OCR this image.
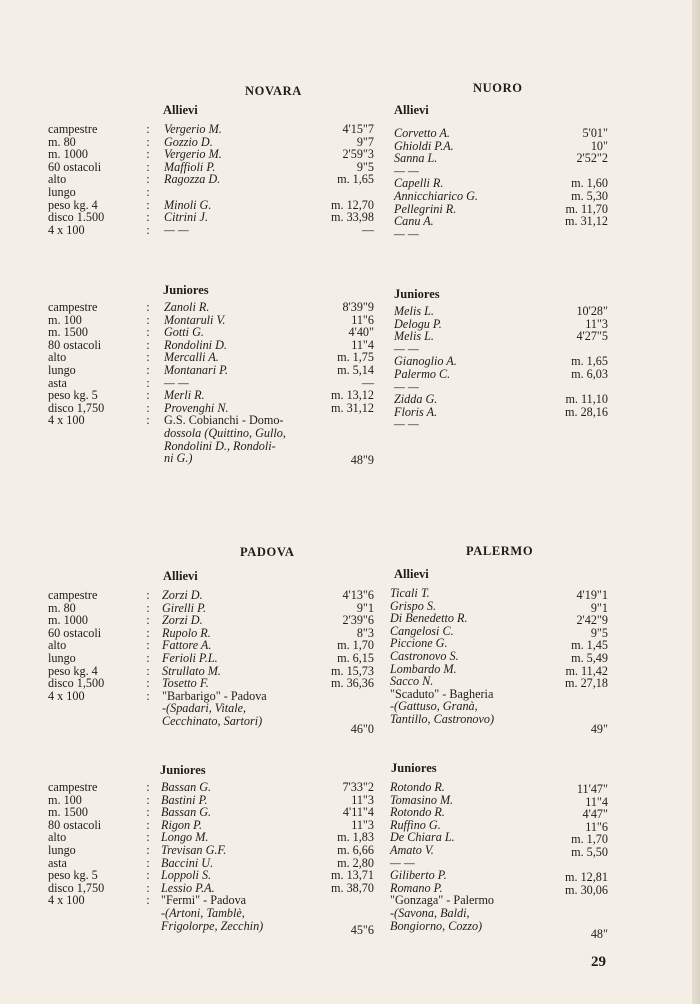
NOVARA
Allievi
campestre
m. 80
m. 1000
60 ostacoli
alto
lungo
peso kg. 4
disco 1.500
4 x 100
:
:
:
:
:
:
:
:
:
Vergerio M.
Gozzio D.
Vergerio M.
Maffioli P.
Ragozza D.
Minoli G.
Citrini J.
— —
4'15"7
9"7
2'59"3
9"5
m. 1,65
m. 12,70
m. 33,98
—
NUORO
Allievi
Corvetto A.
Ghioldi P.A.
Sanna L.
— —
Capelli R.
Annicchiarico G.
Pellegrini R.
Canu A.
— —
5'01"
10"
2'52"2
m. 1,60
m. 5,30
m. 11,70
m. 31,12
Juniores
campestre
m. 100
m. 1500
80 ostacoli
alto
lungo
asta
peso kg. 5
disco 1,750
4 x 100
:
:
:
:
:
:
:
:
:
:
Zanoli R.
Montaruli V.
Gotti G.
Rondolini D.
Mercalli A.
Montanari P.
— —
Merli R.
Provenghi N.
G.S. Cobianchi - Domo-
dossola (Quittino, Gullo,
Rondolini D., Rondoli-
ni G.)
8'39"9
11"6
4'40"
11"4
m. 1,75
m. 5,14
—
m. 13,12
m. 31,12
48"9
Juniores
Melis L.
Delogu P.
Melis L.
— —
Gianoglio A.
Palermo C.
— —
Zidda G.
Floris A.
— —
10'28"
11"3
4'27"5
m. 1,65
m. 6,03
m. 11,10
m. 28,16
PADOVA
Allievi
campestre
m. 80
m. 1000
60 ostacoli
alto
lungo
peso kg. 4
disco 1,500
4 x 100
:
:
:
:
:
:
:
:
:
Zorzi D.
Girelli P.
Zorzi D.
Rupolo R.
Fattore A.
Ferioli P.L.
Strullato M.
Tosetto F.
"Barbarigo" - Padova
-(Spadari, Vitale,
Cecchinato, Sartori)
4'13"6
9"1
2'39"6
8"3
m. 1,70
m. 6,15
m. 15,73
m. 36,36
46"0
PALERMO
Allievi
Ticali T.
Grispo S.
Di Benedetto R.
Cangelosi C.
Piccione G.
Castronovo S.
Lombardo M.
Sacco N.
"Scaduto" - Bagheria
-(Gattuso, Granà,
Tantillo, Castronovo)
4'19"1
9"1
2'42"9
9"5
m. 1,45
m. 5,49
m. 11,42
m. 27,18
49"
Juniores
campestre
m. 100
m. 1500
80 ostacoli
alto
lungo
asta
peso kg. 5
disco 1,750
4 x 100
:
:
:
:
:
:
:
:
:
:
Bassan G.
Bastini P.
Bassan G.
Rigon P.
Longo M.
Trevisan G.F.
Baccini U.
Loppoli S.
Lessio P.A.
"Fermi" - Padova
-(Artoni, Tamblè,
Frigolorpe, Zecchin)
7'33"2
11"3
4'11"4
11"3
m. 1,83
m. 6,66
m. 2,80
m. 13,71
m. 38,70
45"6
Juniores
Rotondo R.
Tomasino M.
Rotondo R.
Ruffino G.
De Chiara L.
Amato V.
— —
Giliberto P.
Romano P.
"Gonzaga" - Palermo
-(Savona, Baldi,
Bongiorno, Cozzo)
11'47"
11"4
4'47"
11"6
m. 1,70
m. 5,50
m. 12,81
m. 30,06
48"
29
